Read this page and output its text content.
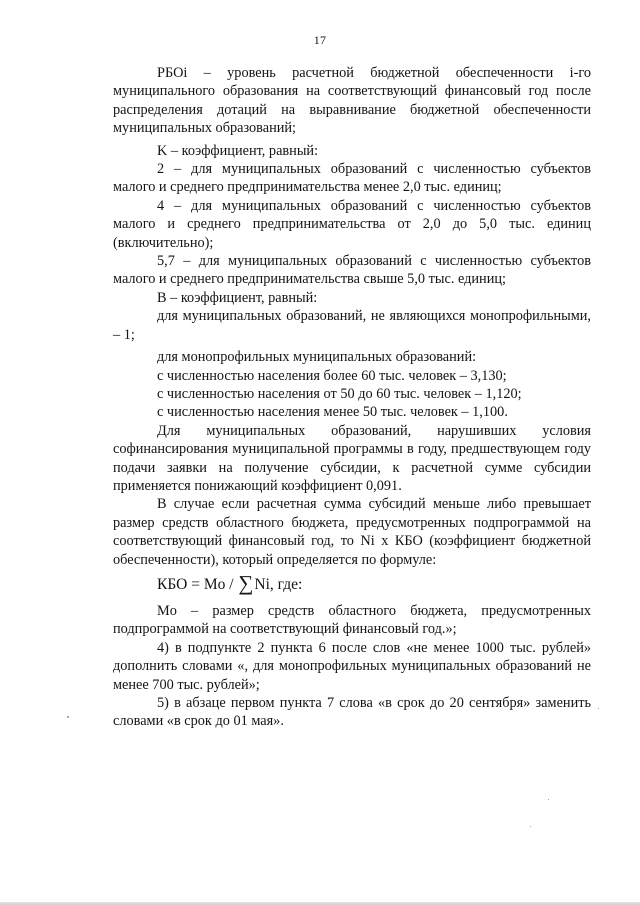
17

РБОi – уровень расчетной бюджетной обеспеченности i-го муниципального образования на соответствующий финансовый год после распределения дотаций на выравнивание бюджетной обеспеченности муниципальных образований;

K – коэффициент, равный:

2 – для муниципальных образований с численностью субъектов малого и среднего предпринимательства менее 2,0 тыс. единиц;

4 – для муниципальных образований с численностью субъектов малого и среднего предпринимательства от 2,0 до 5,0 тыс. единиц (включительно);

5,7 – для муниципальных образований с численностью субъектов малого и среднего предпринимательства свыше 5,0 тыс. единиц;

B – коэффициент, равный:

для муниципальных образований, не являющихся монопрофильными, – 1;

для монопрофильных муниципальных образований:

с численностью населения более 60 тыс. человек – 3,130;

с численностью населения от 50 до 60 тыс. человек – 1,120;

с численностью населения менее 50 тыс. человек – 1,100.

Для муниципальных образований, нарушивших условия софинансирования муниципальной программы в году, предшествующем году подачи заявки на получение субсидии, к расчетной сумме субсидии применяется понижающий коэффициент 0,091.

В случае если расчетная сумма субсидий меньше либо превышает размер средств областного бюджета, предусмотренных подпрограммой на соответствующий финансовый год, то Ni x КБО (коэффициент бюджетной обеспеченности), который определяется по формуле:

КБО = Mo / ∑Ni, где:

Mo – размер средств областного бюджета, предусмотренных подпрограммой на соответствующий финансовый год.»;

4) в подпункте 2 пункта 6 после слов «не менее 1000 тыс. рублей» дополнить словами «, для монопрофильных муниципальных образований не менее 700 тыс. рублей»;

5) в абзаце первом пункта 7 слова «в срок до 20 сентября» заменить словами «в срок до 01 мая».
